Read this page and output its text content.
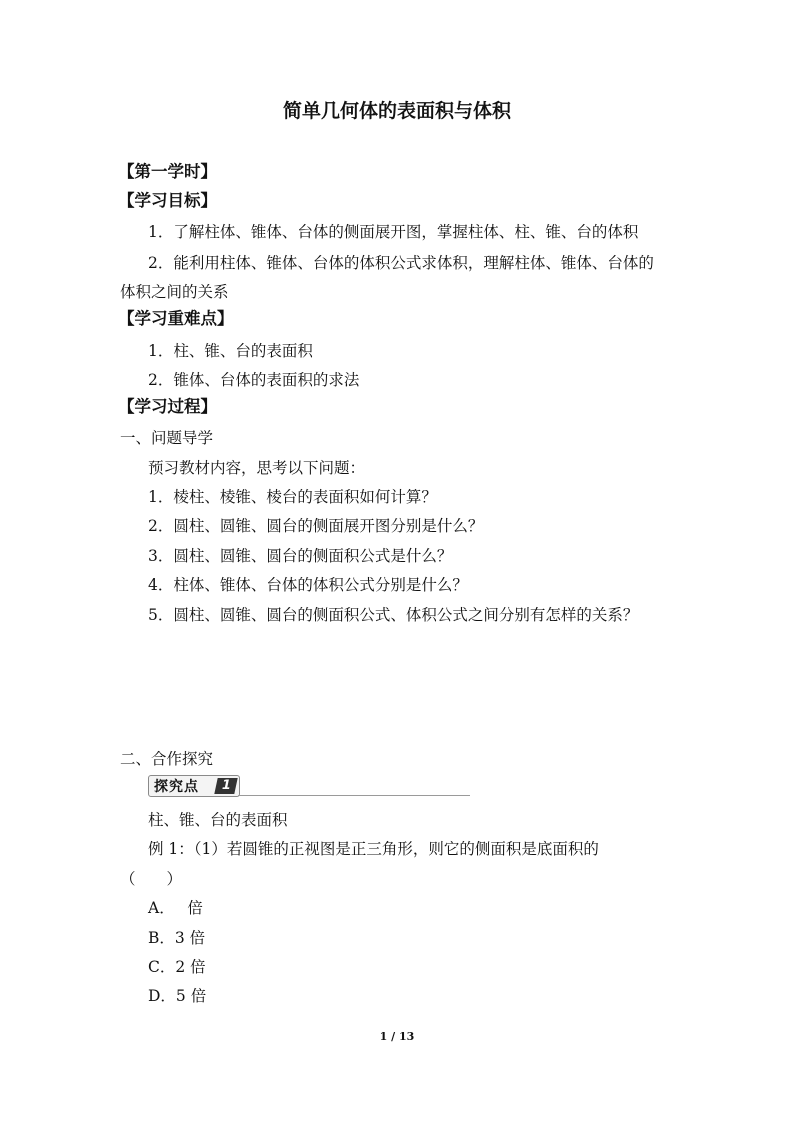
简单几何体的表面积与体积
【第一学时】
【学习目标】
1．了解柱体、锥体、台体的侧面展开图，掌握柱体、柱、锥、台的体积
2．能利用柱体、锥体、台体的体积公式求体积，理解柱体、锥体、台体的
体积之间的关系
【学习重难点】
1．柱、锥、台的表面积
2．锥体、台体的表面积的求法
【学习过程】
一、问题导学
预习教材内容，思考以下问题：
1．棱柱、棱锥、棱台的表面积如何计算？
2．圆柱、圆锥、圆台的侧面展开图分别是什么？
3．圆柱、圆锥、圆台的侧面积公式是什么？
4．柱体、锥体、台体的体积公式分别是什么？
5．圆柱、圆锥、圆台的侧面积公式、体积公式之间分别有怎样的关系？
二、合作探究
探究点	1
柱、锥、台的表面积
例 1：（1）若圆锥的正视图是正三角形，则它的侧面积是底面积的
（　　）
A．　 倍
B．3 倍
C．2 倍
D．5 倍
1 / 13
